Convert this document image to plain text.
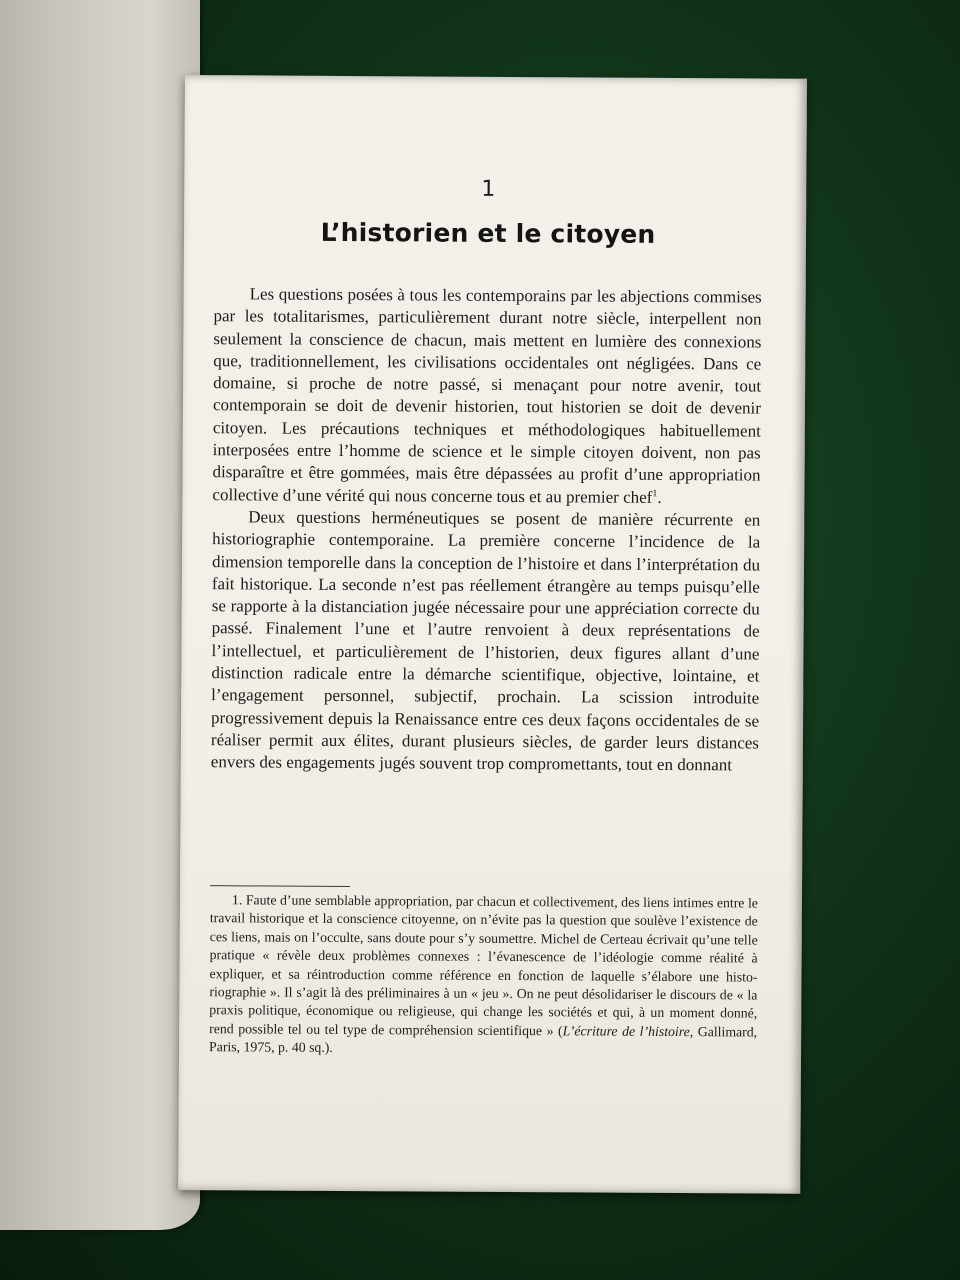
1
L’historien et le citoyen

Les questions posées à tous les contemporains par les abjections commises par les totalitarismes, particulièrement durant notre siècle, interpellent non seulement la conscience de chacun, mais mettent en lumière des connexions que, traditionnellement, les civilisations occidentales ont négligées. Dans ce domaine, si proche de notre passé, si menaçant pour notre avenir, tout contemporain se doit de devenir historien, tout historien se doit de devenir citoyen. Les précautions techniques et méthodologiques habituellement interposées entre l’homme de science et le simple citoyen doivent, non pas disparaître et être gommées, mais être dépassées au profit d’une appropriation collective d’une vérité qui nous concerne tous et au premier chef$^1$.

Deux questions herméneutiques se posent de manière récurrente en historiographie contemporaine. La première concerne l’incidence de la dimension temporelle dans la conception de l’histoire et dans l’interprétation du fait historique. La seconde n’est pas réellement étrangère au temps puisqu’elle se rapporte à la distanciation jugée nécessaire pour une appréciation correcte du passé. Finalement l’une et l’autre renvoient à deux représentations de l’intellectuel, et particulièrement de l’historien, deux figures allant d’une distinction radicale entre la démarche scientifique, objective, lointaine, et l’engagement personnel, subjectif, prochain. La scission introduite progressivement depuis la Renaissance entre ces deux façons occidentales de se réaliser permit aux élites, durant plusieurs siècles, de garder leurs distances envers des engagements jugés souvent trop compromettants, tout en donnant

1. Faute d’une semblable appropriation, par chacun et collectivement, des liens intimes entre le travail historique et la conscience citoyenne, on n’évite pas la question que soulève l’existence de ces liens, mais on l’occulte, sans doute pour s’y soumettre. Michel de Certeau écrivait qu’une telle pratique « révèle deux problèmes connexes : l’évanescence de l’idéologie comme réalité à expliquer, et sa réintroduction comme référence en fonction de laquelle s’élabore une historiographie ». Il s’agit là des préliminaires à un « jeu ». On ne peut désolidariser le discours de « la praxis politique, économique ou religieuse, qui change les sociétés et qui, à un moment donné, rend possible tel ou tel type de compréhension scientifique » (L’écriture de l’histoire, Gallimard, Paris, 1975, p. 40 sq.).
